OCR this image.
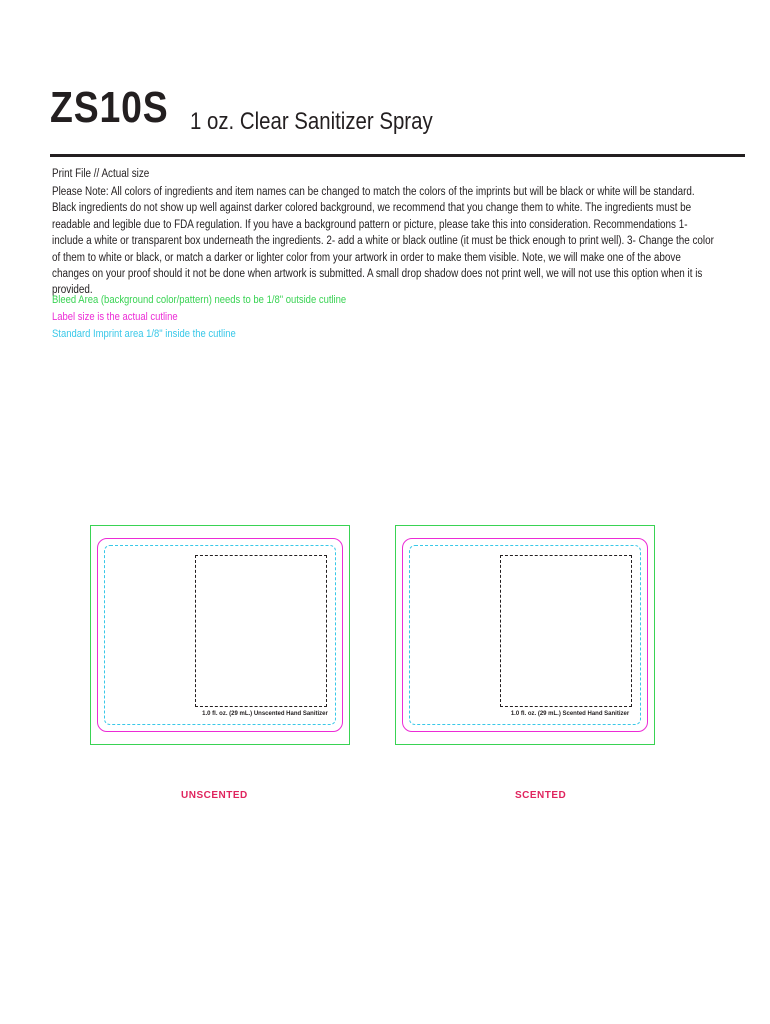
ZS10S 1 oz. Clear Sanitizer Spray
Print File // Actual size
Please Note: All colors of ingredients and item names can be changed to match the colors of the imprints but will be black or white will be standard. Black ingredients do not show up well against darker colored background, we recommend that you change them to white. The ingredients must be readable and legible due to FDA regulation. If you have a background pattern or picture, please take this into consideration. Recommendations 1- include a white or transparent box underneath the ingredients. 2- add a white or black outline (it must be thick enough to print well). 3- Change the color of them to white or black, or match a darker or lighter color from your artwork in order to make them visible. Note, we will make one of the above changes on your proof should it not be done when artwork is submitted. A small drop shadow does not print well, we will not use this option when it is provided.
Bleed Area (background color/pattern) needs to be 1/8" outside cutline
Label size is the actual cutline
Standard Imprint area 1/8" inside the cutline

1.0 fl. oz. (29 mL.) Unscented Hand Sanitizer

	1.0 fl. oz. (29 mL.) Scented Hand Sanitizer
UNSCENTED	SCENTED
